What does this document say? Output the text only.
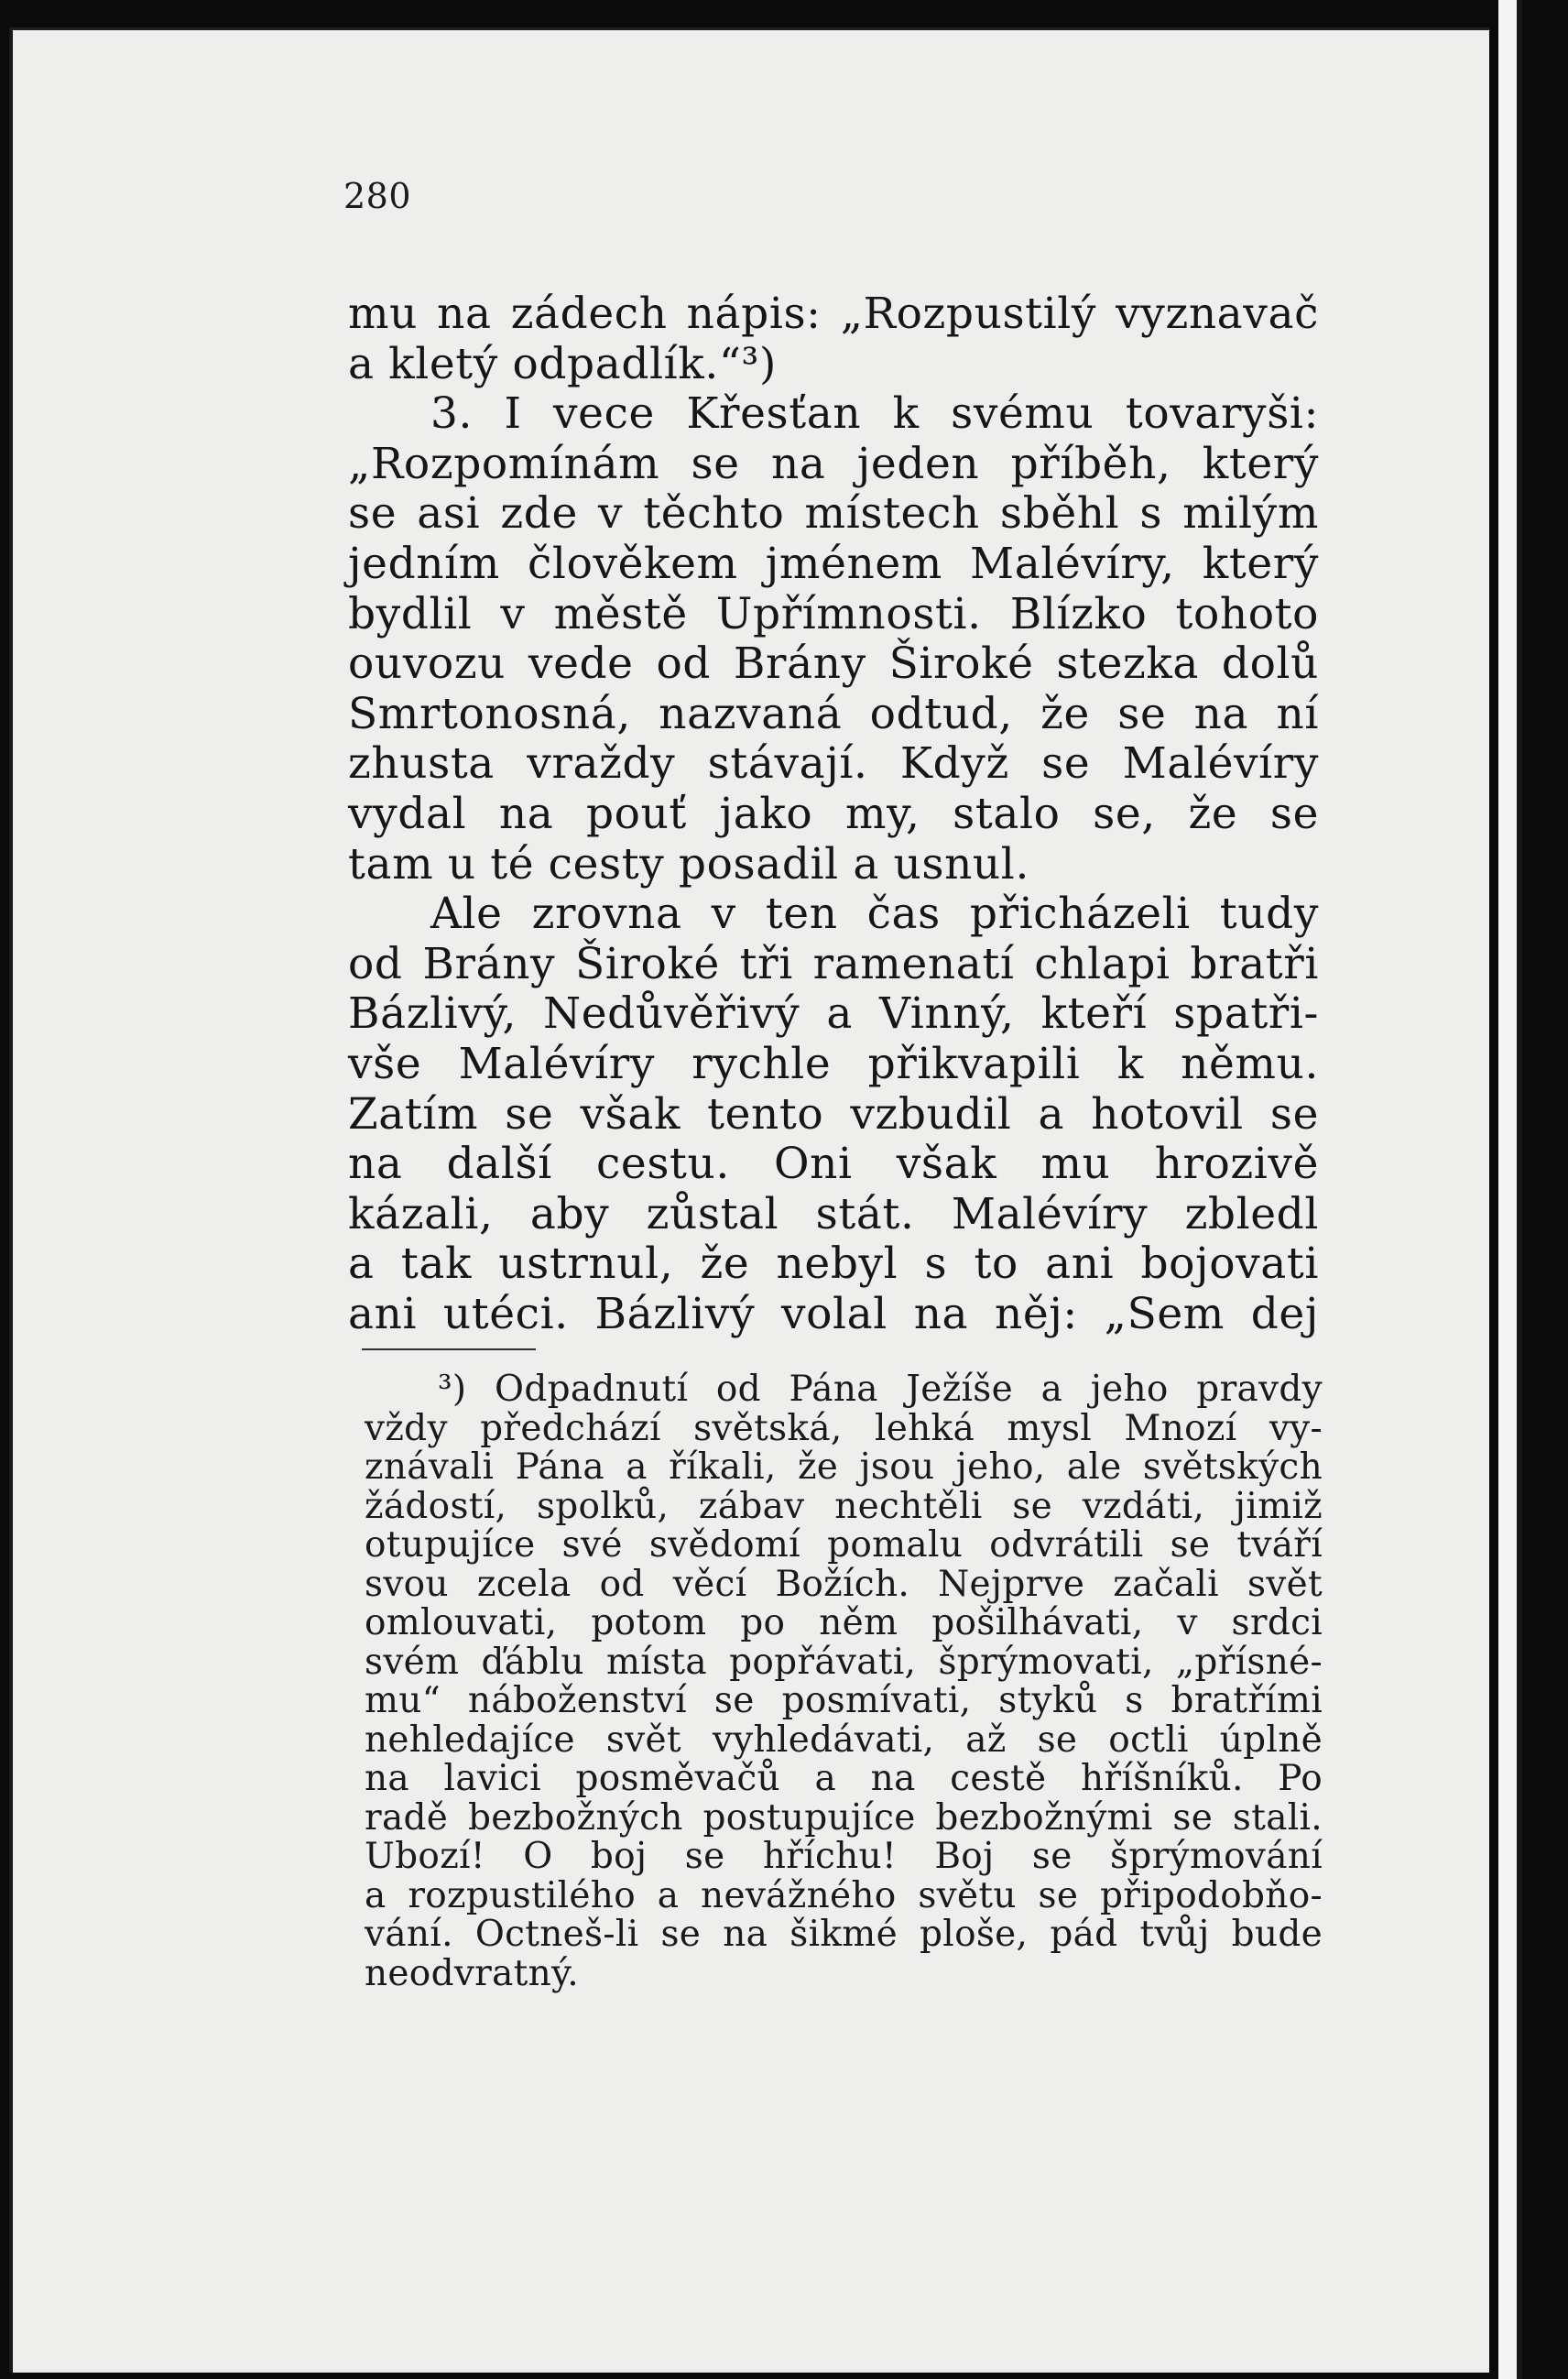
280
mu na zádech nápis: „Rozpustilý vyznavač
a kletý odpadlík.“³)
3. I vece Křesťan k svému tovaryši:
„Rozpomínám se na jeden příběh, který
se asi zde v těchto místech sběhl s milým
jedním člověkem jménem Malévíry, který
bydlil v městě Upřímnosti. Blízko tohoto
ouvozu vede od Brány Široké stezka dolů
Smrtonosná, nazvaná odtud, že se na ní
zhusta vraždy stávají. Když se Malévíry
vydal na pouť jako my, stalo se, že se
tam u té cesty posadil a usnul.
Ale zrovna v ten čas přicházeli tudy
od Brány Široké tři ramenatí chlapi bratři
Bázlivý, Nedůvěřivý a Vinný, kteří spatři-
vše Malévíry rychle přikvapili k němu.
Zatím se však tento vzbudil a hotovil se
na další cestu. Oni však mu hrozivě
kázali, aby zůstal stát. Malévíry zbledl
a tak ustrnul, že nebyl s to ani bojovati
ani utéci. Bázlivý volal na něj: „Sem dej
³) Odpadnutí od Pána Ježíše a jeho pravdy
vždy předchází světská, lehká mysl Mnozí vy-
znávali Pána a říkali, že jsou jeho, ale světských
žádostí, spolků, zábav nechtěli se vzdáti, jimiž
otupujíce své svědomí pomalu odvrátili se tváří
svou zcela od věcí Božích. Nejprve začali svět
omlouvati, potom po něm pošilhávati, v srdci
svém ďáblu místa popřávati, šprýmovati, „přísné-
mu“ náboženství se posmívati, styků s bratřími
nehledajíce svět vyhledávati, až se octli úplně
na lavici posměvačů a na cestě hříšníků. Po
radě bezbožných postupujíce bezbožnými se stali.
Ubozí! O boj se hříchu! Boj se šprýmování
a rozpustilého a nevážného světu se připodobňo-
vání. Octneš-li se na šikmé ploše, pád tvůj bude
neodvratný.
